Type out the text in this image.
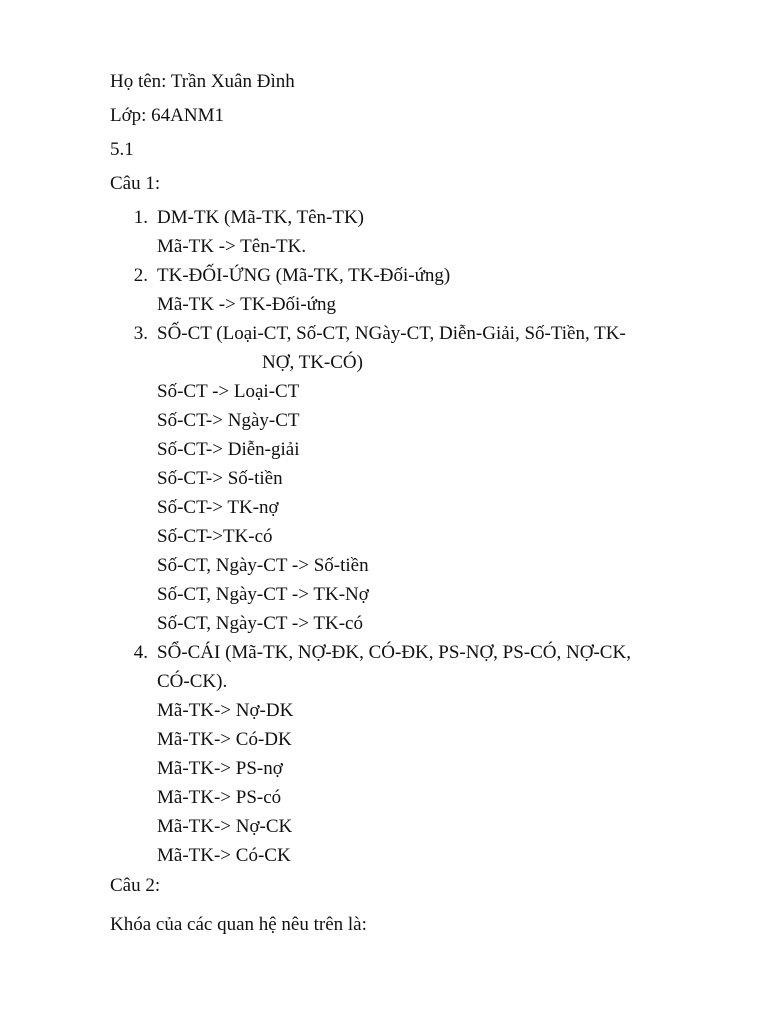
Họ tên: Trần Xuân Đình
Lớp: 64ANM1
5.1
Câu 1:
1. DM-TK (Mã-TK, Tên-TK)
Mã-TK -> Tên-TK.
2. TK-ĐỐI-ỨNG (Mã-TK, TK-Đối-ứng)
Mã-TK -> TK-Đối-ứng
3. SỐ-CT (Loại-CT, Số-CT, NGày-CT, Diễn-Giải, Số-Tiền, TK-
NỢ, TK-CÓ)
Số-CT -> Loại-CT
Số-CT-> Ngày-CT
Số-CT-> Diễn-giải
Số-CT-> Số-tiền
Số-CT-> TK-nợ
Số-CT->TK-có
Số-CT, Ngày-CT -> Số-tiền
Số-CT, Ngày-CT -> TK-Nợ
Số-CT, Ngày-CT -> TK-có
4. SỔ-CÁI (Mã-TK, NỢ-ĐK, CÓ-ĐK, PS-NỢ, PS-CÓ, NỢ-CK,
CÓ-CK).
Mã-TK-> Nợ-DK
Mã-TK-> Có-DK
Mã-TK-> PS-nợ
Mã-TK-> PS-có
Mã-TK-> Nợ-CK
Mã-TK-> Có-CK
Câu 2:
Khóa của các quan hệ nêu trên là:
